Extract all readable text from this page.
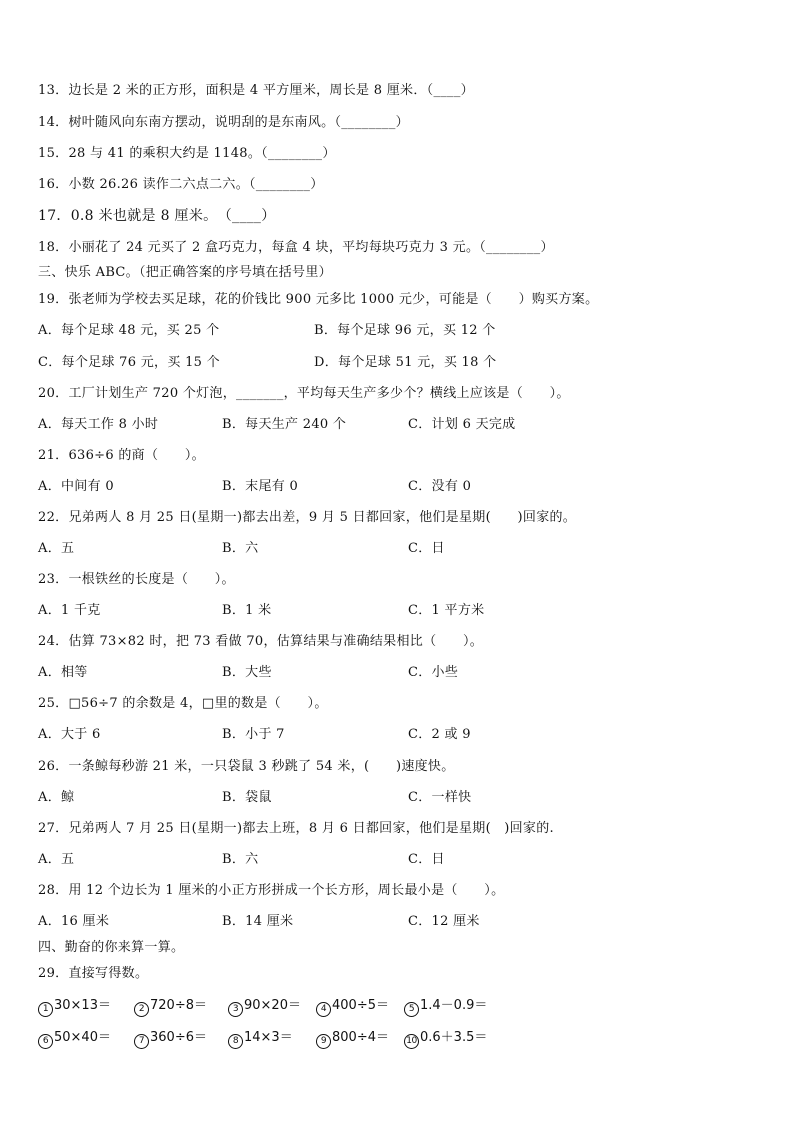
13．边长是 2 米的正方形，面积是 4 平方厘米，周长是 8 厘米．（____）
14．树叶随风向东南方摆动，说明刮的是东南风。（________）
15．28 与 41 的乘积大约是 1148。（________）
16．小数 26.26 读作二六点二六。（________）
17．0.8 米也就是 8 厘米。　（____）
18．小丽花了 24 元买了 2 盒巧克力，每盒 4 块，平均每块巧克力 3 元。（________）
三、快乐 ABC。（把正确答案的序号填在括号里）
19．张老师为学校去买足球，花的价钱比 900 元多比 1000 元少，可能是（　　）购买方案。
A．每个足球 48 元，买 25 个	B．每个足球 96 元，买 12 个
C．每个足球 76 元，买 15 个	D．每个足球 51 元，买 18 个
20．工厂计划生产 720 个灯泡，_______，平均每天生产多少个？横线上应该是（　　）。
A．每天工作 8 小时	B．每天生产 240 个	C．计划 6 天完成
21．636÷6 的商（　　）。
A．中间有 0	B．末尾有 0	C．没有 0
22．兄弟两人 8 月 25 日(星期一)都去出差，9 月 5 日都回家，他们是星期(　　)回家的。
A．五	B．六	C．日
23．一根铁丝的长度是（　　）。
A．1 千克	B．1 米	C．1 平方米
24．估算 73×82 时，把 73 看做 70，估算结果与准确结果相比（　　）。
A．相等	B．大些	C．小些
25．□56÷7 的余数是 4，□里的数是（　　）。
A．大于 6	B．小于 7	C．2 或 9
26．一条鲸每秒游 21 米，一只袋鼠 3 秒跳了 54 米，(　　)速度快。
A．鲸	B．袋鼠	C．一样快
27．兄弟两人 7 月 25 日(星期一)都去上班，8 月 6 日都回家，他们是星期(　)回家的.
A．五	B．六	C．日
28．用 12 个边长为 1 厘米的小正方形拼成一个长方形，周长最小是（　　）。
A．16 厘米	B．14 厘米	C．12 厘米
四、勤奋的你来算一算。
29．直接写得数。
1 30×13＝	2 720÷8＝	3 90×20＝	4 400÷5＝	5 1.4－0.9＝
6 50×40＝	7 360÷6＝	8 14×3＝	9 800÷4＝ 10 0.6＋3.5＝
